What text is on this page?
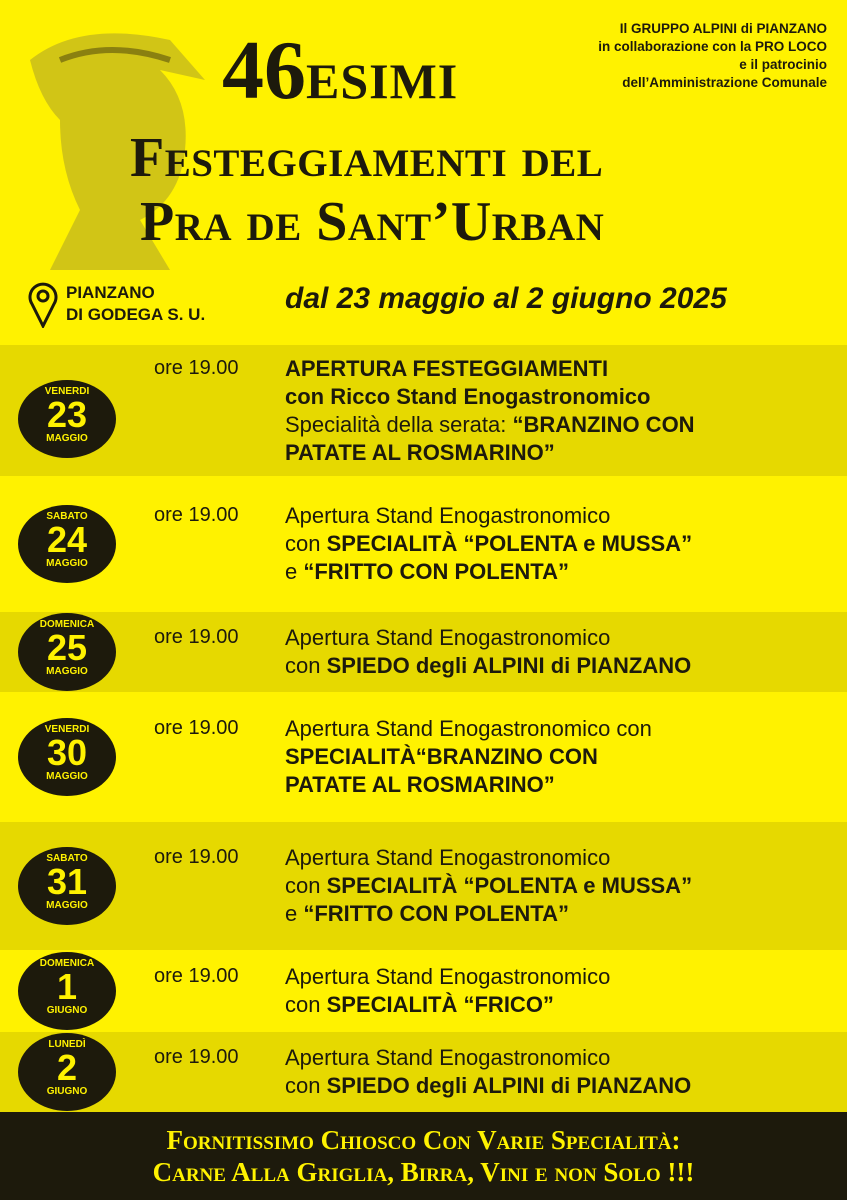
Il GRUPPO ALPINI di PIANZANO
in collaborazione con la PRO LOCO
e il patrocinio
dell’Amministrazione Comunale
46ESIMI
Festeggiamenti del
Pra de Sant’Urban
PIANZANO
DI GODEGA S. U.	dal 23 maggio al 2 giugno 2025
VENERDI
23
MAGGIO
ore 19.00 APERTURA FESTEGGIAMENTI
con Ricco Stand Enogastronomico
Specialità della serata: “BRANZINO CON
PATATE AL ROSMARINO”
SABATO
24
MAGGIO
ore 19.00 Apertura Stand Enogastronomico
con SPECIALITÀ “POLENTA e MUSSA”
e “FRITTO CON POLENTA”
DOMENICA
25
MAGGIO
ore 19.00 Apertura Stand Enogastronomico
con SPIEDO degli ALPINI di PIANZANO
VENERDI
30
MAGGIO
ore 19.00 Apertura Stand Enogastronomico con
SPECIALITÀ“BRANZINO CON
PATATE AL ROSMARINO”
SABATO
31
MAGGIO
ore 19.00 Apertura Stand Enogastronomico
con SPECIALITÀ “POLENTA e MUSSA”
e “FRITTO CON POLENTA”
DOMENICA
1
GIUGNO
ore 19.00 Apertura Stand Enogastronomico
con SPECIALITÀ “FRICO”
LUNEDÌ
2
GIUGNO
ore 19.00 Apertura Stand Enogastronomico
con SPIEDO degli ALPINI di PIANZANO
Fornitissimo Chiosco Con Varie Specialità:
Carne Alla Griglia, Birra, Vini e non Solo !!!
